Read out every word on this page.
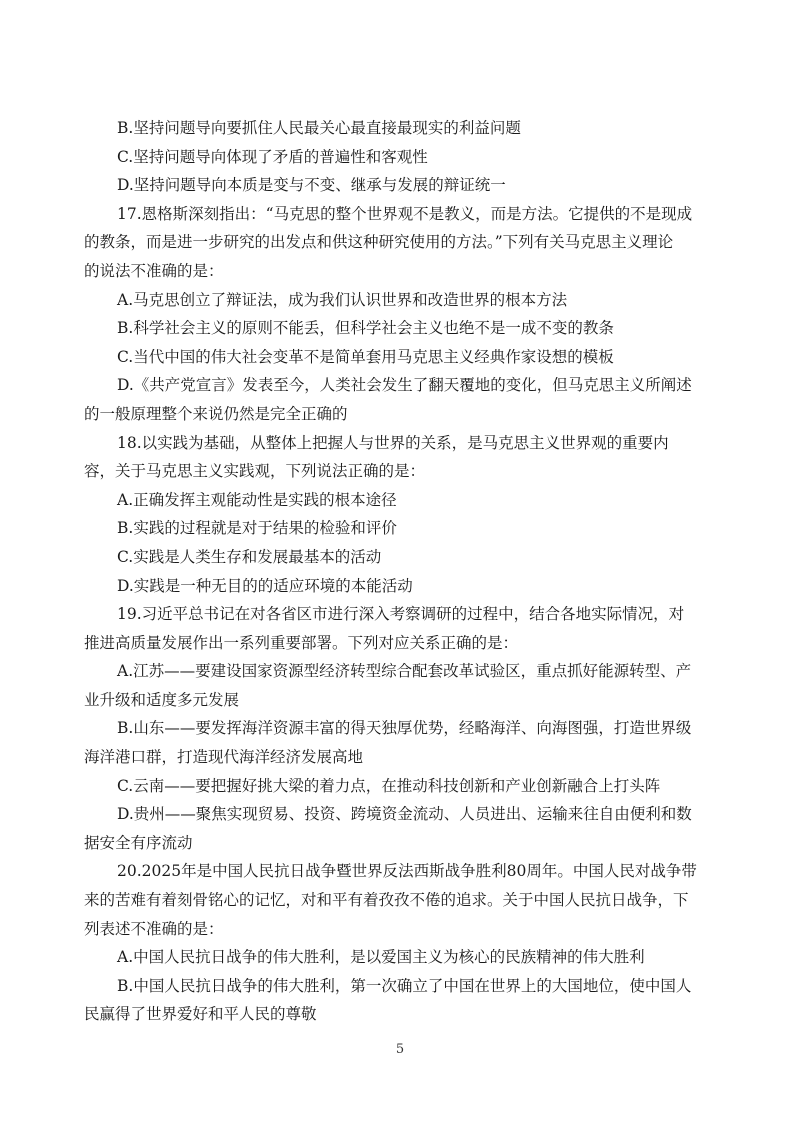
B.坚持问题导向要抓住人民最关心最直接最现实的利益问题
C.坚持问题导向体现了矛盾的普遍性和客观性
D.坚持问题导向本质是变与不变、继承与发展的辩证统一
17.恩格斯深刻指出：“马克思的整个世界观不是教义，而是方法。它提供的不是现成
的教条，而是进一步研究的出发点和供这种研究使用的方法。”下列有关马克思主义理论
的说法不准确的是：
A.马克思创立了辩证法，成为我们认识世界和改造世界的根本方法
B.科学社会主义的原则不能丢，但科学社会主义也绝不是一成不变的教条
C.当代中国的伟大社会变革不是简单套用马克思主义经典作家设想的模板
D.《共产党宣言》发表至今，人类社会发生了翻天覆地的变化，但马克思主义所阐述
的一般原理整个来说仍然是完全正确的
18.以实践为基础，从整体上把握人与世界的关系，是马克思主义世界观的重要内
容，关于马克思主义实践观，下列说法正确的是：
A.正确发挥主观能动性是实践的根本途径
B.实践的过程就是对于结果的检验和评价
C.实践是人类生存和发展最基本的活动
D.实践是一种无目的的适应环境的本能活动
19.习近平总书记在对各省区市进行深入考察调研的过程中，结合各地实际情况，对
推进高质量发展作出一系列重要部署。下列对应关系正确的是：
A.江苏——要建设国家资源型经济转型综合配套改革试验区，重点抓好能源转型、产
业升级和适度多元发展
B.山东——要发挥海洋资源丰富的得天独厚优势，经略海洋、向海图强，打造世界级
海洋港口群，打造现代海洋经济发展高地
C.云南——要把握好挑大梁的着力点，在推动科技创新和产业创新融合上打头阵
D.贵州——聚焦实现贸易、投资、跨境资金流动、人员进出、运输来往自由便利和数
据安全有序流动
20.2025年是中国人民抗日战争暨世界反法西斯战争胜利80周年。中国人民对战争带
来的苦难有着刻骨铭心的记忆，对和平有着孜孜不倦的追求。关于中国人民抗日战争，下
列表述不准确的是：
A.中国人民抗日战争的伟大胜利，是以爱国主义为核心的民族精神的伟大胜利
B.中国人民抗日战争的伟大胜利，第一次确立了中国在世界上的大国地位，使中国人
民赢得了世界爱好和平人民的尊敬
5
